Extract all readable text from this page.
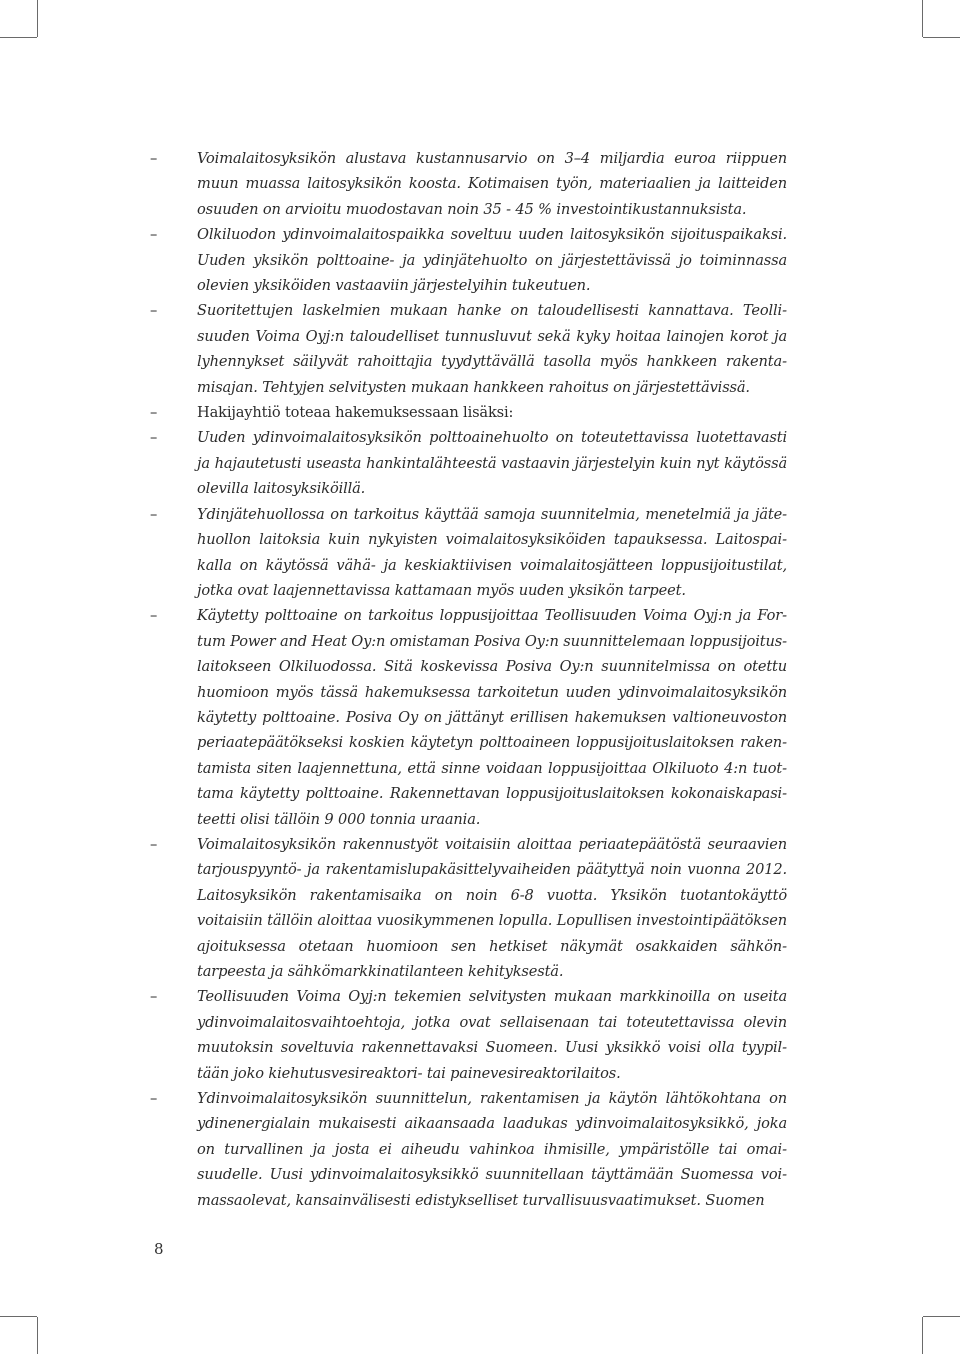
–	Voimalaitosyksikön alustava kustannusarvio on 3–4 miljardia euroa riippuen muun muassa laitosyksikön koosta. Kotimaisen työn, materiaalien ja laitteiden osuuden on arvioitu muodostavan noin 35 - 45 % investointikustannuksista.
–	Olkiluodon ydinvoimalaitospaikka soveltuu uuden laitosyksikön sijoituspaikaksi. Uuden yksikön polttoaine- ja ydinjätehuolto on järjestettävissä jo toiminnassa olevien yksiköiden vastaaviin järjestelyihin tukeutuen.
–	Suoritettujen laskelmien mukaan hanke on taloudellisesti kannattava. Teollisuuden Voima Oyj:n taloudelliset tunnusluvut sekä kyky hoitaa lainojen korot ja lyhennykset säilyvät rahoittajia tyydyttävällä tasolla myös hankkeen rakentamisajan. Tehtyjen selvitysten mukaan hankkeen rahoitus on järjestettävissä.
–	Hakijayhtiö toteaa hakemuksessaan lisäksi:
–	Uuden ydinvoimalaitosyksikön polttoainehuolto on toteutettavissa luotettavasti ja hajautetusti useasta hankintalähteestä vastaavin järjestelyin kuin nyt käytössä olevilla laitosyksiköillä.
–	Ydinjätehuollossa on tarkoitus käyttää samoja suunnitelmia, menetelmiä ja jätehuollon laitoksia kuin nykyisten voimalaitosyksiköiden tapauksessa. Laitospaikalla on käytössä vähä- ja keskiaktiivisen voimalaitosjätteen loppusijoitustilat, jotka ovat laajennettavissa kattamaan myös uuden yksikön tarpeet.
–	Käytetty polttoaine on tarkoitus loppusijoittaa Teollisuuden Voima Oyj:n ja Fortum Power and Heat Oy:n omistaman Posiva Oy:n suunnittelemaan loppusijoituslaitokseen Olkiluodossa. Sitä koskevissa Posiva Oy:n suunnitelmissa on otettu huomioon myös tässä hakemuksessa tarkoitetun uuden ydinvoimalaitosyksikön käytetty polttoaine. Posiva Oy on jättänyt erillisen hakemuksen valtioneuvoston periaatepäätökseksi koskien käytetyn polttoaineen loppusijoituslaitoksen rakentamista siten laajennettuna, että sinne voidaan loppusijoittaa Olkiluoto 4:n tuottama käytetty polttoaine. Rakennettavan loppusijoituslaitoksen kokonaiskapasiteetti olisi tällöin 9 000 tonnia uraania.
–	Voimalaitosyksikön rakennustyöt voitaisiin aloittaa periaatepäätöstä seuraavien tarjouspyyntö- ja rakentamislupakäsittelyvaiheiden päätyttyä noin vuonna 2012. Laitosyksikön rakentamisaika on noin 6-8 vuotta. Yksikön tuotantokäyttö voitaisiin tällöin aloittaa vuosikymmenen lopulla. Lopullisen investointipäätöksen ajoituksessa otetaan huomioon sen hetkiset näkymät osakkaiden sähköntarpeesta ja sähkömarkkinatilanteen kehityksestä.
–	Teollisuuden Voima Oyj:n tekemien selvitysten mukaan markkinoilla on useita ydinvoimalaitosvaihtoehtoja, jotka ovat sellaisenaan tai toteutettavissa olevin muutoksin soveltuvia rakennettavaksi Suomeen. Uusi yksikkö voisi olla tyypiltään joko kiehutusvesireaktori- tai painevesireaktorilaitos.
–	Ydinvoimalaitosyksikön suunnittelun, rakentamisen ja käytön lähtökohtana on ydinenergialain mukaisesti aikaansaada laadukas ydinvoimalaitosyksikkö, joka on turvallinen ja josta ei aiheudu vahinkoa ihmisille, ympäristölle tai omaisuudelle. Uusi ydinvoimalaitosyksikkö suunnitellaan täyttämään Suomessa voimassaolevat, kansainvälisesti edistykselliset turvallisuusvaatimukset. Suomen
8
